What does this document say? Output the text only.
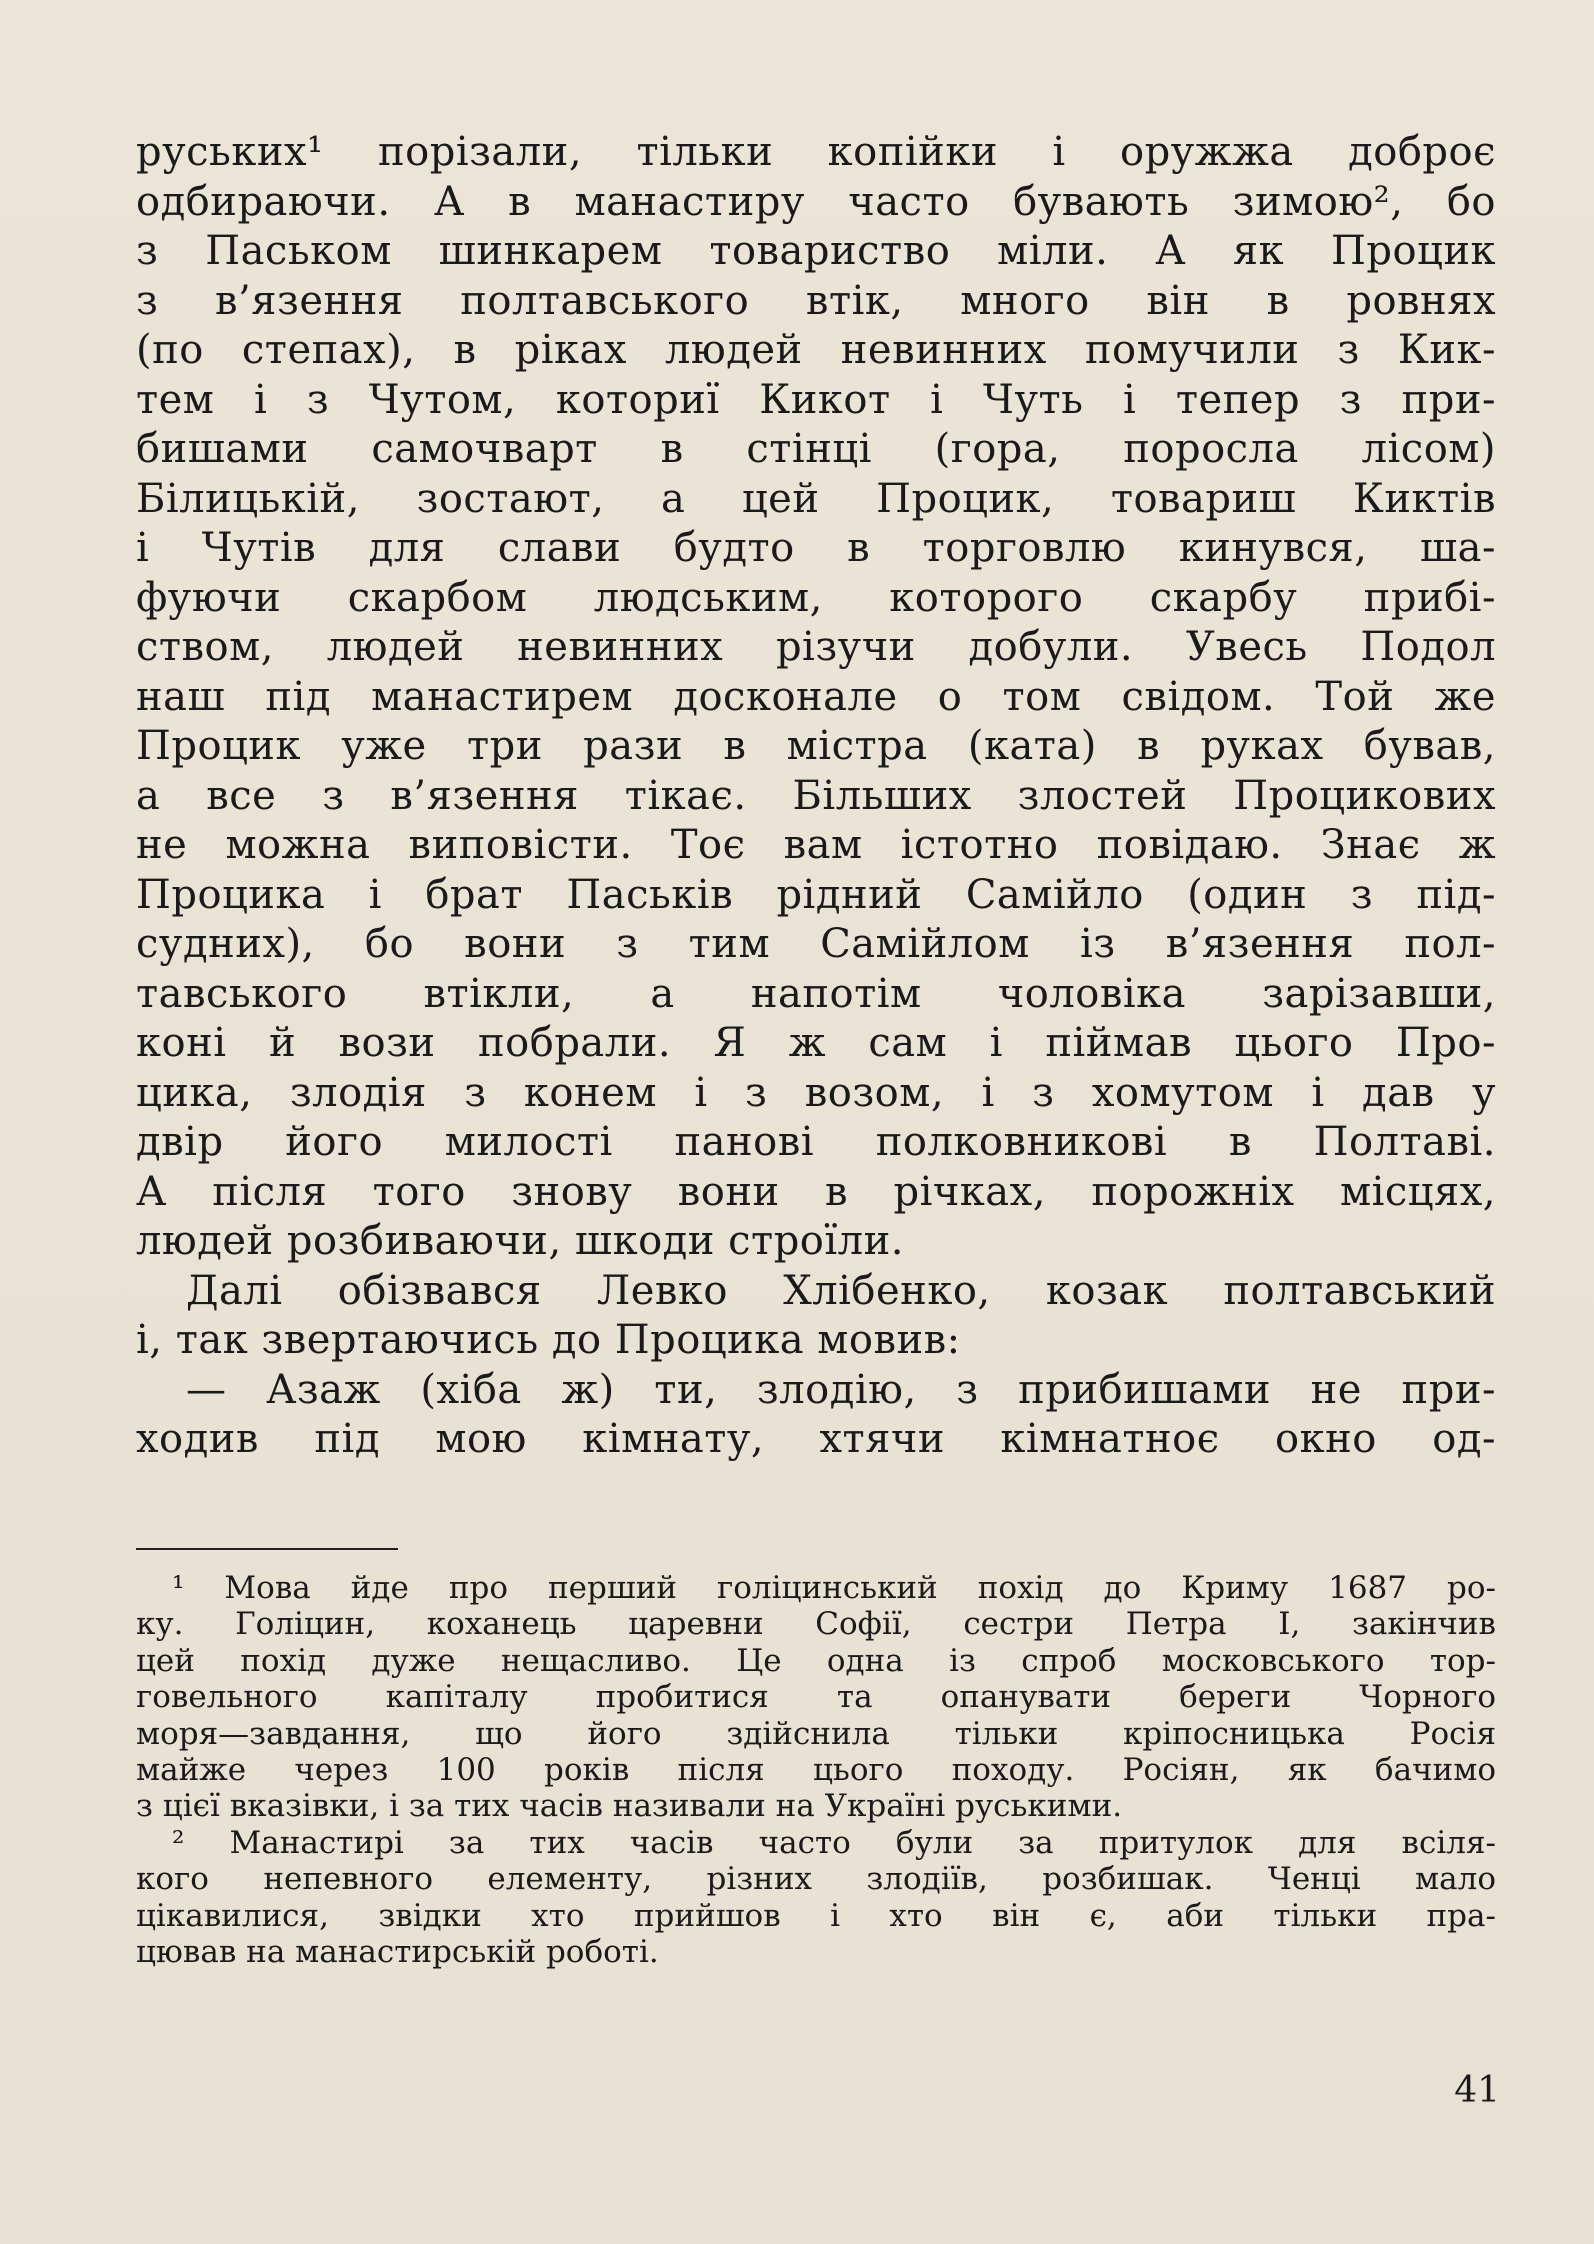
руських¹ порізали, тільки копійки і оружжа доброє
одбираючи. А в манастиру часто бувають зимою², бо
з Паськом шинкарем товариство міли. А як Процик
з в’язення полтавського втік, много він в ровнях
(по степах), в ріках людей невинних помучили з Кик-
тем і з Чутом, коториї Кикот і Чуть і тепер з при-
бишами самочварт в стінці (гора, поросла лісом)
Білицькій, зостают, а цей Процик, товариш Киктів
і Чутів для слави будто в торговлю кинувся, ша-
фуючи скарбом людським, которого скарбу прибі-
ством, людей невинних різучи добули. Увесь Подол
наш під манастирем досконале о том свідом. Той же
Процик уже три рази в містра (ката) в руках бував,
а все з в’язення тікає. Більших злостей Процикових
не можна виповісти. Тоє вам істотно повідаю. Знає ж
Процика і брат Паськів рідний Самійло (один з під-
судних), бо вони з тим Самійлом із в’язення пол-
тавського втікли, а напотім чоловіка зарізавши,
коні й вози побрали. Я ж сам і піймав цього Про-
цика, злодія з конем і з возом, і з хомутом і дав у
двір його милості панові полковникові в Полтаві.
А після того знову вони в річках, порожніх місцях,
людей розбиваючи, шкоди строїли.
Далі обізвався Левко Хлібенко, козак полтавський
і, так звертаючись до Процика мовив:
— Азаж (хіба ж) ти, злодію, з прибишами не при-
ходив під мою кімнату, хтячи кімнатноє окно од-
¹ Мова йде про перший голіцинський похід до Криму 1687 ро-
ку. Голіцин, коханець царевни Софії, сестри Петра I, закінчив
цей похід дуже нещасливо. Це одна із спроб московського тор-
говельного капіталу пробитися та опанувати береги Чорного
моря—завдання, що його здійснила тільки кріпосницька Росія
майже через 100 років після цього походу. Росіян, як бачимо
з цієї вказівки, і за тих часів називали на Україні руськими.
² Манастирі за тих часів часто були за притулок для всіля-
кого непевного елементу, різних злодіїв, розбишак. Ченці мало
цікавилися, звідки хто прийшов і хто він є, аби тільки пра-
цював на манастирській роботі.
41
